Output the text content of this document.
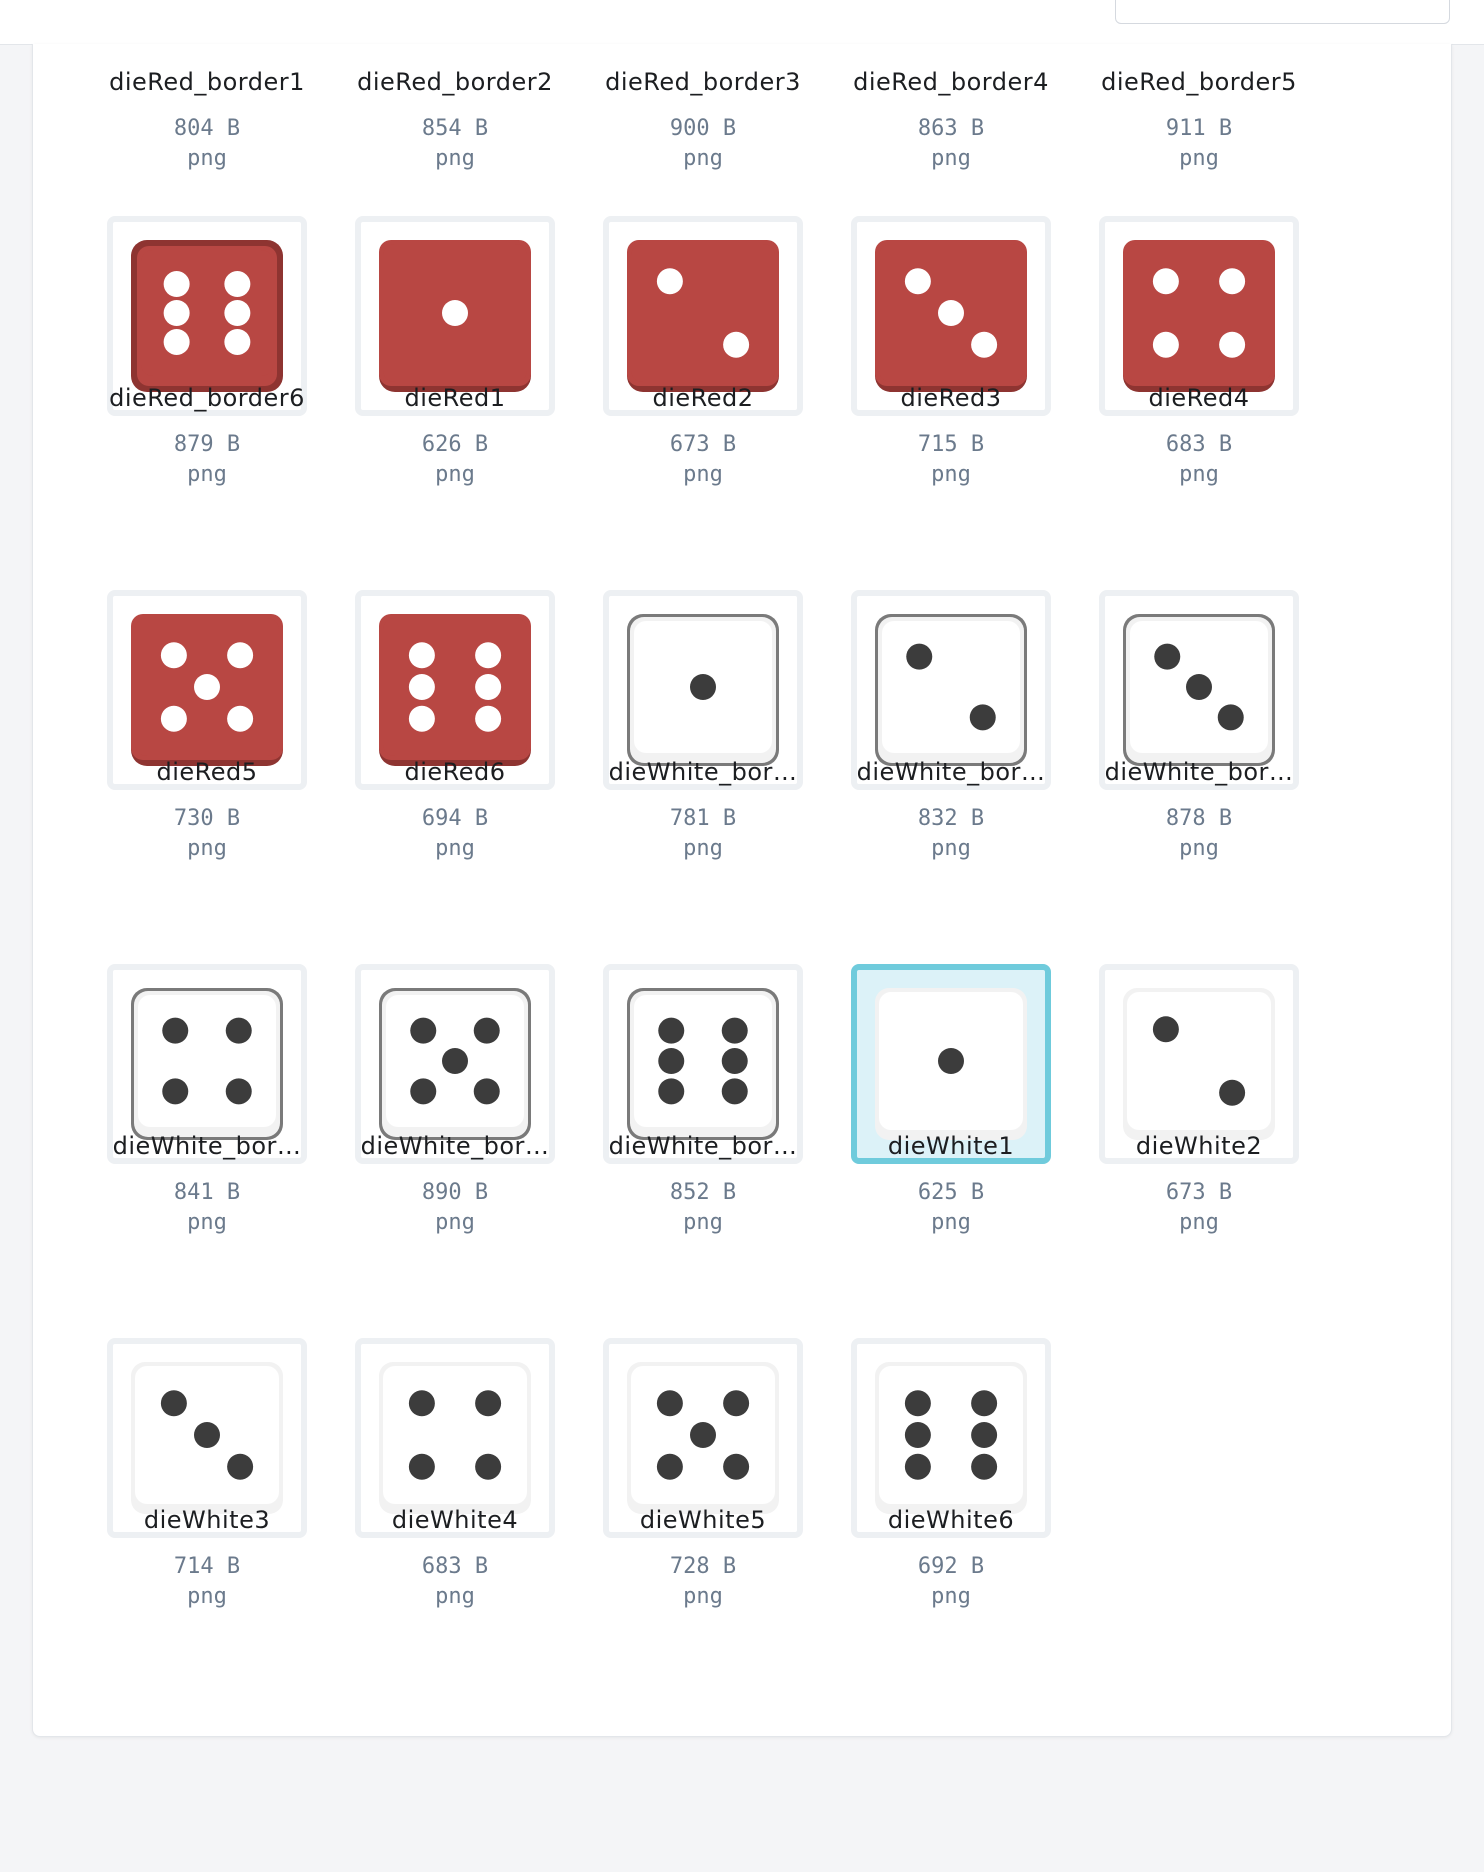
dieRed_border1
804 B
png
dieRed_border2
854 B
png
dieRed_border3
900 B
png
dieRed_border4
863 B
png
dieRed_border5
911 B
png
dieRed_border6
879 B
png
dieRed1
626 B
png
dieRed2
673 B
png
dieRed3
715 B
png
dieRed4
683 B
png
dieRed5
730 B
png
dieRed6
694 B
png
dieWhite_bor…
781 B
png
dieWhite_bor…
832 B
png
dieWhite_bor…
878 B
png
dieWhite_bor…
841 B
png
dieWhite_bor…
890 B
png
dieWhite_bor…
852 B
png
dieWhite1
625 B
png
dieWhite2
673 B
png
dieWhite3
714 B
png
dieWhite4
683 B
png
dieWhite5
728 B
png
dieWhite6
692 B
png
